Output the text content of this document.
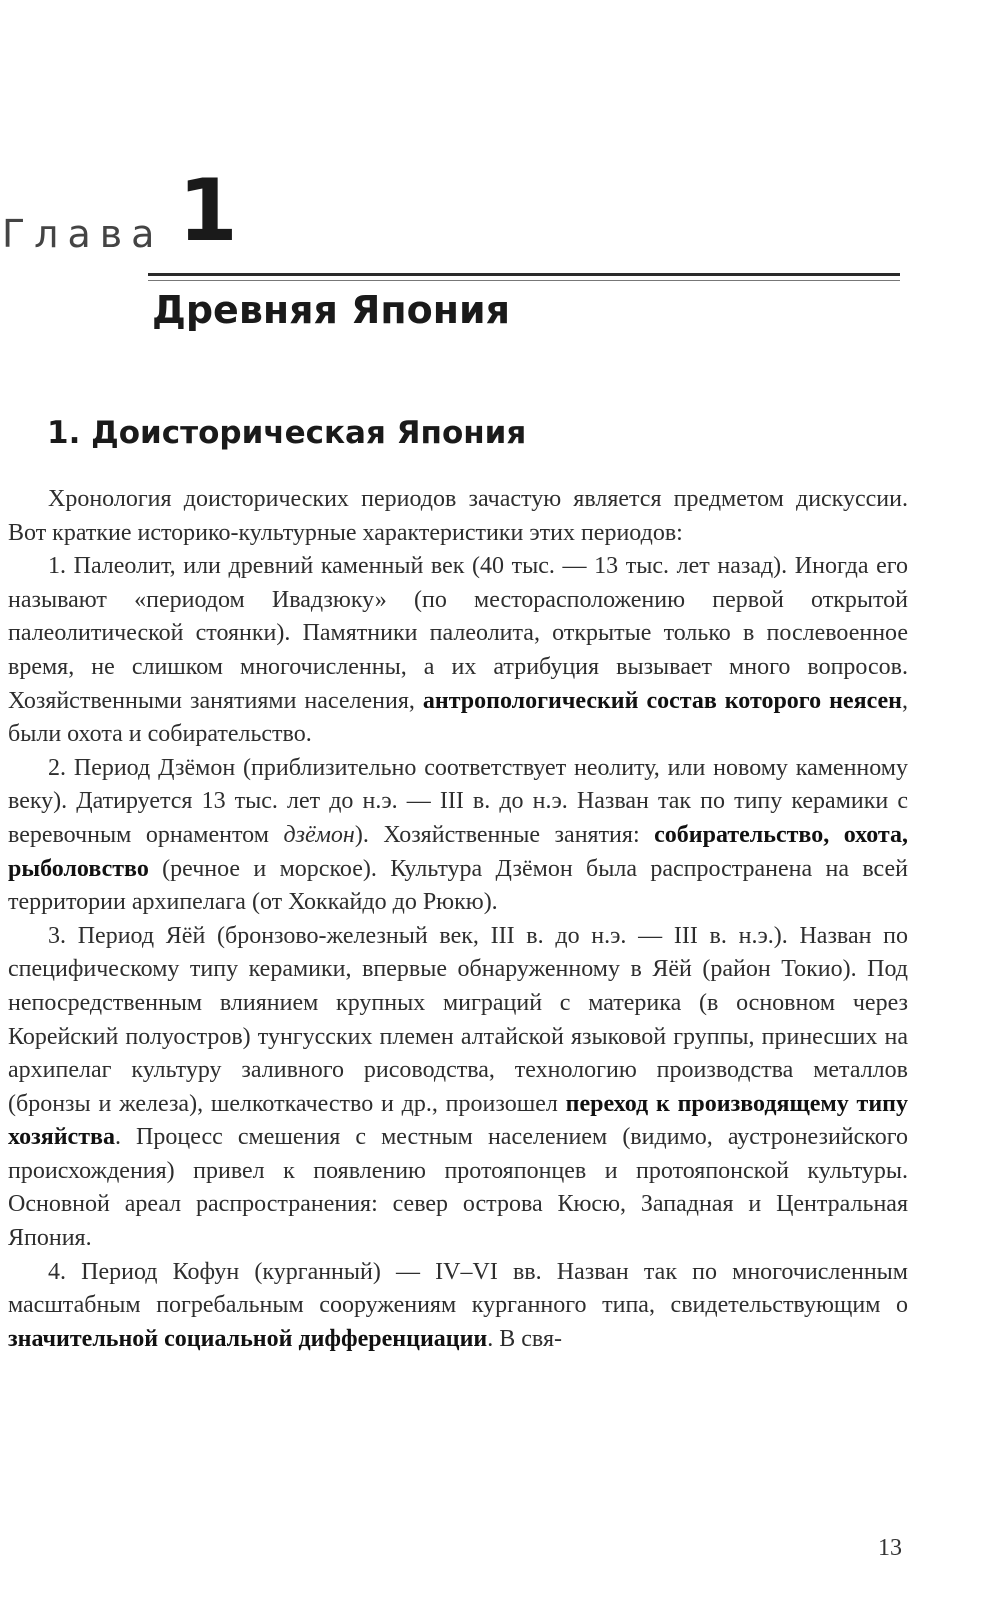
Глава 1
Древняя Япония
1. Доисторическая Япония

Хронология доисторических периодов зачастую является предметом дискуссии. Вот краткие историко-культурные характеристики этих периодов:

1. Палеолит, или древний каменный век (40 тыс. — 13 тыс. лет назад). Иногда его называют «периодом Ивадзюку» (по месторасположению первой открытой палеолитической стоянки). Памятники палеолита, открытые только в послевоенное время, не слишком многочисленны, а их атрибуция вызывает много вопросов. Хозяйственными занятиями населения, антропологический состав которого неясен, были охота и собирательство.

2. Период Дзёмон (приблизительно соответствует неолиту, или новому каменному веку). Датируется 13 тыс. лет до н.э. — III в. до н.э. Назван так по типу керамики с веревочным орнаментом дзёмон). Хозяйственные занятия: собирательство, охота, рыболовство (речное и морское). Культура Дзёмон была распространена на всей территории архипелага (от Хоккайдо до Рюкю).

3. Период Яёй (бронзово-железный век, III в. до н.э. — III в. н.э.). Назван по специфическому типу керамики, впервые обнаруженному в Яёй (район Токио). Под непосредственным влиянием крупных миграций с материка (в основном через Корейский полуостров) тунгусских племен алтайской языковой группы, принесших на архипелаг культуру заливного рисоводства, технологию производства металлов (бронзы и железа), шелкоткачество и др., произошел переход к производящему типу хозяйства. Процесс смешения с местным населением (видимо, аустронезийского происхождения) привел к появлению протояпонцев и протояпонской культуры. Основной ареал распространения: север острова Кюсю, Западная и Центральная Япония.

4. Период Кофун (курганный) — IV–VI вв. Назван так по многочисленным масштабным погребальным сооружениям курганного типа, свидетельствующим о значительной социальной дифференциации. В свя-

13
